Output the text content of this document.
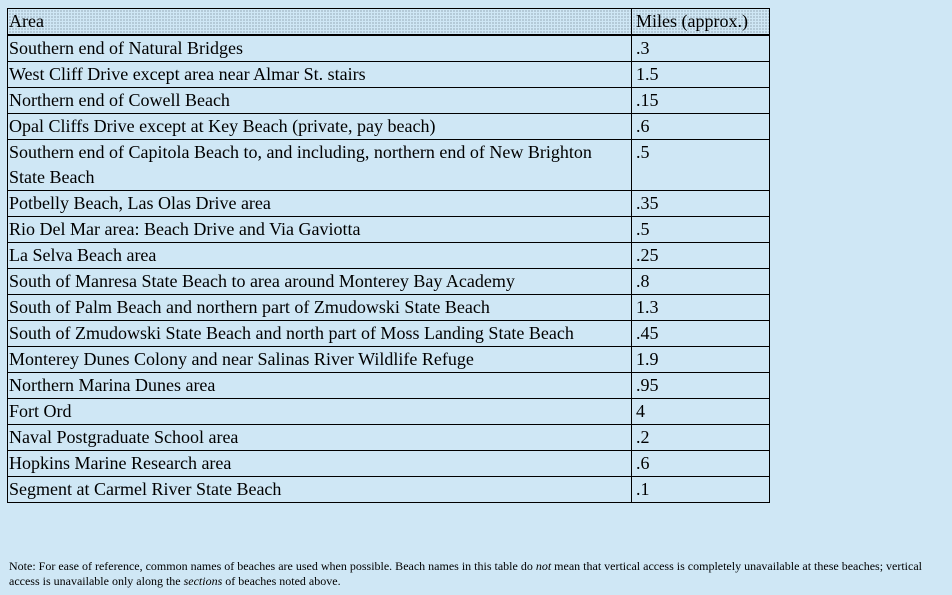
Area	Miles (approx.)
Southern end of Natural Bridges	.3
West Cliff Drive except area near Almar St. stairs	1.5
Northern end of Cowell Beach	.15
Opal Cliffs Drive except at Key Beach (private, pay beach)	.6
Southern end of Capitola Beach to, and including, northern end of New Brighton State Beach	.5
Potbelly Beach, Las Olas Drive area	.35
Rio Del Mar area: Beach Drive and Via Gaviotta	.5
La Selva Beach area	.25
South of Manresa State Beach to area around Monterey Bay Academy	.8
South of Palm Beach and northern part of Zmudowski State Beach	1.3
South of Zmudowski State Beach and north part of Moss Landing State Beach	.45
Monterey Dunes Colony and near Salinas River Wildlife Refuge	1.9
Northern Marina Dunes area	.95
Fort Ord	4
Naval Postgraduate School area	.2
Hopkins Marine Research area	.6
Segment at Carmel River State Beach	.1
Note: For ease of reference, common names of beaches are used when possible. Beach names in this table do not mean that vertical access is completely unavailable at these beaches; vertical access is unavailable only along the sections of beaches noted above.
